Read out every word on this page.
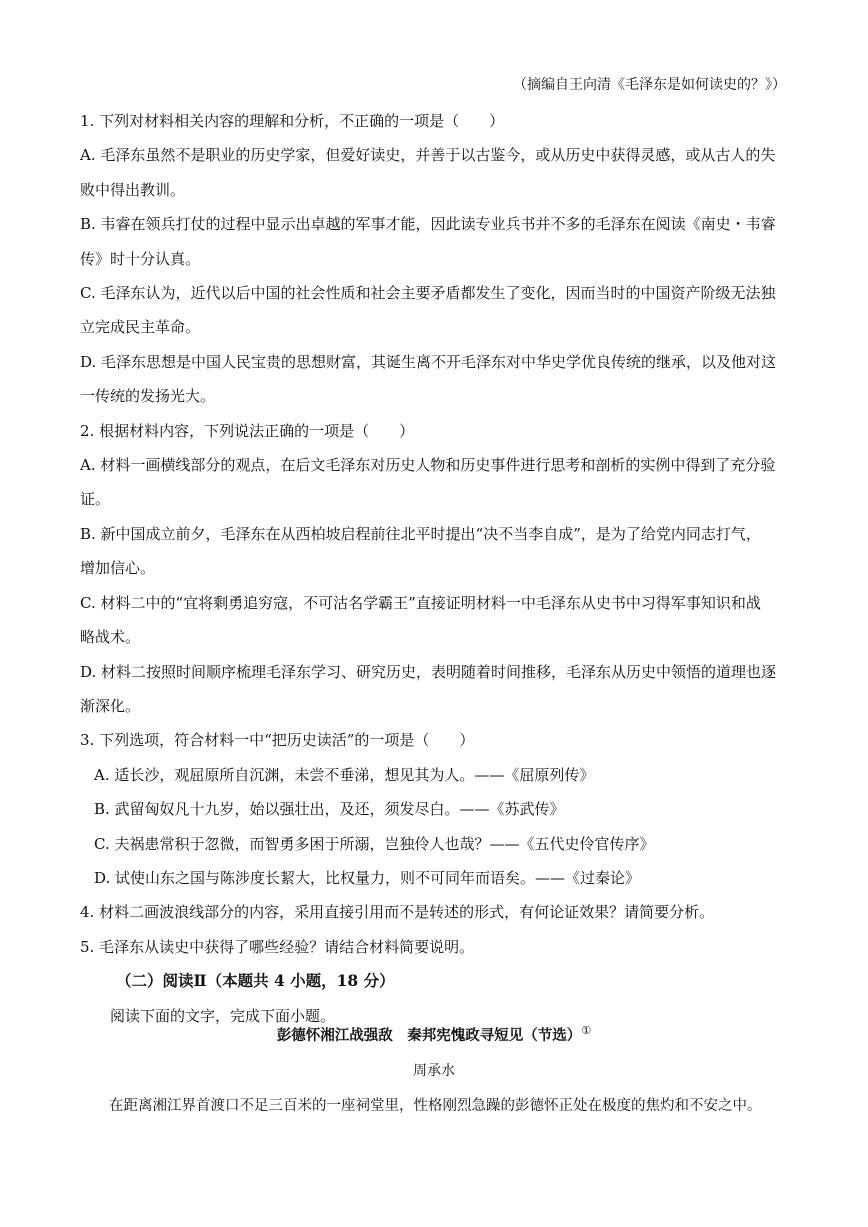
（摘编自王向清《毛泽东是如何读史的？》）

1. 下列对材料相关内容的理解和分析，不正确的一项是（　　）

A. 毛泽东虽然不是职业的历史学家，但爱好读史，并善于以古鉴今，或从历史中获得灵感，或从古人的失

败中得出教训。

B. 韦睿在领兵打仗的过程中显示出卓越的军事才能，因此读专业兵书并不多的毛泽东在阅读《南史・韦睿

传》时十分认真。

C. 毛泽东认为，近代以后中国的社会性质和社会主要矛盾都发生了变化，因而当时的中国资产阶级无法独

立完成民主革命。

D. 毛泽东思想是中国人民宝贵的思想财富，其诞生离不开毛泽东对中华史学优良传统的继承，以及他对这

一传统的发扬光大。

2. 根据材料内容，下列说法正确的一项是（　　）

A. 材料一画横线部分的观点，在后文毛泽东对历史人物和历史事件进行思考和剖析的实例中得到了充分验

证。

B. 新中国成立前夕，毛泽东在从西柏坡启程前往北平时提出“决不当李自成”，是为了给党内同志打气，

增加信心。

C. 材料二中的“宜将剩勇追穷寇，不可沽名学霸王”直接证明材料一中毛泽东从史书中习得军事知识和战

略战术。

D. 材料二按照时间顺序梳理毛泽东学习、研究历史，表明随着时间推移，毛泽东从历史中领悟的道理也逐

渐深化。

3. 下列选项，符合材料一中“把历史读活”的一项是（　　）

A. 适长沙，观屈原所自沉渊，未尝不垂涕，想见其为人。——《屈原列传》

B. 武留匈奴凡十九岁，始以强壮出，及还，须发尽白。——《苏武传》

C. 夫祸患常积于忽微，而智勇多困于所溺，岂独伶人也哉？——《五代史伶官传序》

D. 试使山东之国与陈涉度长絜大，比权量力，则不可同年而语矣。——《过秦论》

4. 材料二画波浪线部分的内容，采用直接引用而不是转述的形式，有何论证效果？请简要分析。

5. 毛泽东从读史中获得了哪些经验？请结合材料简要说明。

（二）阅读Ⅱ（本题共 4 小题，18 分）

阅读下面的文字，完成下面小题。

彭德怀湘江战强敌　秦邦宪愧政寻短见（节选）①
周承水
在距离湘江界首渡口不足三百米的一座祠堂里，性格刚烈急躁的彭德怀正处在极度的焦灼和不安之中。
